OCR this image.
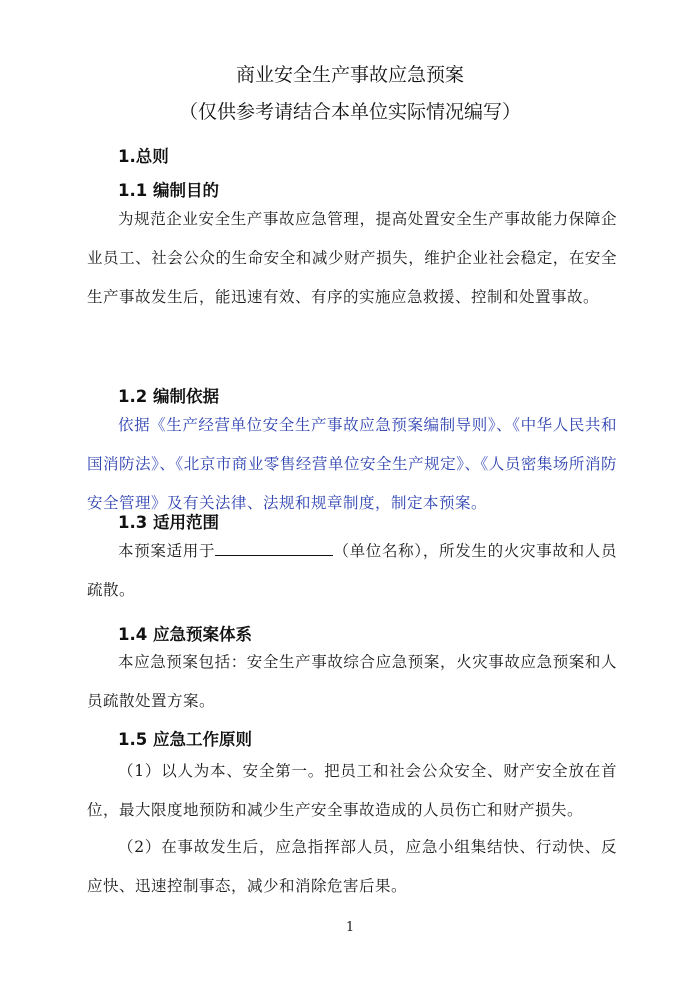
商业安全生产事故应急预案
（仅供参考请结合本单位实际情况编写）
1.总则
1.1 编制目的

为规范企业安全生产事故应急管理，提高处置安全生产事故能力保障企业员工、社会公众的生命安全和减少财产损失，维护企业社会稳定，在安全生产事故发生后，能迅速有效、有序的实施应急救援、控制和处置事故。

1.2 编制依据

依据《生产经营单位安全生产事故应急预案编制导则》、《中华人民共和国消防法》、《北京市商业零售经营单位安全生产规定》、《人员密集场所消防安全管理》及有关法律、法规和规章制度，制定本预案。

1.3 适用范围

本预案适用于	（单位名称），所发生的火灾事故和人员疏散。

1.4 应急预案体系

本应急预案包括：安全生产事故综合应急预案，火灾事故应急预案和人员疏散处置方案。

1.5 应急工作原则

（1）以人为本、安全第一。把员工和社会公众安全、财产安全放在首位，最大限度地预防和减少生产安全事故造成的人员伤亡和财产损失。

（2）在事故发生后，应急指挥部人员，应急小组集结快、行动快、反应快、迅速控制事态，减少和消除危害后果。

1
